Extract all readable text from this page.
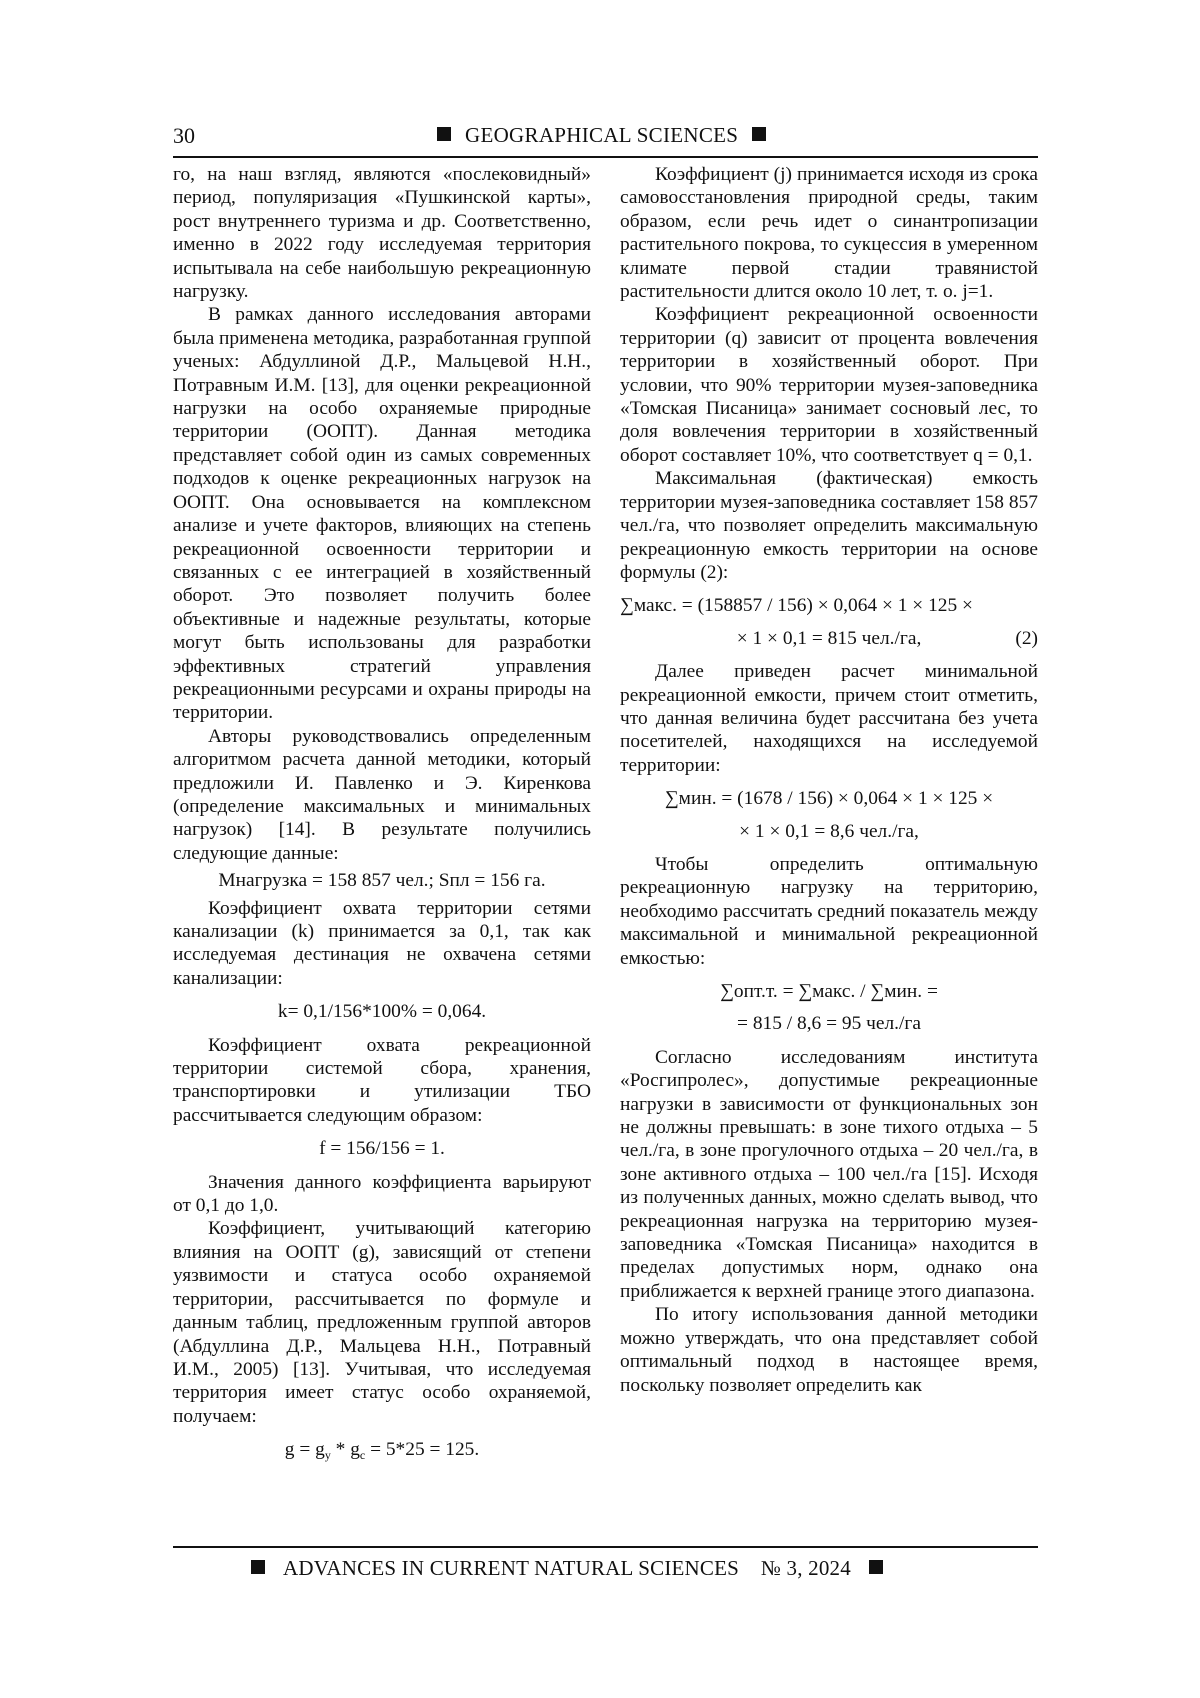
30	GEOGRAPHICAL SCIENCES

го, на наш взгляд, являются «послековидный» период, популяризация «Пушкинской карты», рост внутреннего туризма и др. Соответственно, именно в 2022 году исследуемая территория испытывала на себе наибольшую рекреационную нагрузку.

В рамках данного исследования авторами была применена методика, разработанная группой ученых: Абдуллиной Д.Р., Мальцевой Н.Н., Потравным И.М. [13], для оценки рекреационной нагрузки на особо охраняемые природные территории (ООПТ). Данная методика представляет собой один из самых современных подходов к оценке рекреационных нагрузок на ООПТ. Она основывается на комплексном анализе и учете факторов, влияющих на степень рекреационной освоенности территории и связанных с ее интеграцией в хозяйственный оборот. Это позволяет получить более объективные и надежные результаты, которые могут быть использованы для разработки эффективных стратегий управления рекреационными ресурсами и охраны природы на территории.

Авторы руководствовались определенным алгоритмом расчета данной методики, который предложили И. Павленко и Э. Киренкова (определение максимальных и минимальных нагрузок) [14]. В результате получились следующие данные:

Мнагрузка = 158 857 чел.; Sпл = 156 га.

Коэффициент охвата территории сетями канализации (k) принимается за 0,1, так как исследуемая дестинация не охвачена сетями канализации:

k= 0,1/156*100% = 0,064.

Коэффициент охвата рекреационной территории системой сбора, хранения, транспортировки и утилизации ТБО рассчитывается следующим образом:

f = 156/156 = 1.

Значения данного коэффициента варьируют от 0,1 до 1,0.

Коэффициент, учитывающий категорию влияния на ООПТ (g), зависящий от степени уязвимости и статуса особо охраняемой территории, рассчитывается по формуле и данным таблиц, предложенным группой авторов (Абдуллина Д.Р., Мальцева Н.Н., Потравный И.М., 2005) [13]. Учитывая, что исследуемая территория имеет статус особо охраняемой, получаем:

$g = g_y * g_c = 5*25 = 125$.

Коэффициент (j) принимается исходя из срока самовосстановления природной среды, таким образом, если речь идет о синантропизации растительного покрова, то сукцессия в умеренном климате первой стадии травянистой растительности длится около 10 лет, т. о. j=1.

Коэффициент рекреационной освоенности территории (q) зависит от процента вовлечения территории в хозяйственный оборот. При условии, что 90% территории музея-заповедника «Томская Писаница» занимает сосновый лес, то доля вовлечения территории в хозяйственный оборот составляет 10%, что соответствует q = 0,1.

Максимальная (фактическая) емкость территории музея-заповедника составляет 158 857 чел./га, что позволяет определить максимальную рекреационную емкость территории на основе формулы (2):

∑макс. = (158857 / 156) × 0,064 × 1 × 125 ×
× 1 × 0,1 = 815 чел./га,	(2)

Далее приведен расчет минимальной рекреационной емкости, причем стоит отметить, что данная величина будет рассчитана без учета посетителей, находящихся на исследуемой территории:

∑мин. = (1678 / 156) × 0,064 × 1 × 125 ×
× 1 × 0,1 = 8,6 чел./га,

Чтобы определить оптимальную рекреационную нагрузку на территорию, необходимо рассчитать средний показатель между максимальной и минимальной рекреационной емкостью:

∑опт.т. = ∑макс. / ∑мин. =
= 815 / 8,6 = 95 чел./га

Согласно исследованиям института «Росгипролес», допустимые рекреационные нагрузки в зависимости от функциональных зон не должны превышать: в зоне тихого отдыха – 5 чел./га, в зоне прогулочного отдыха – 20 чел./га, в зоне активного отдыха – 100 чел./га [15]. Исходя из полученных данных, можно сделать вывод, что рекреационная нагрузка на территорию музея-заповедника «Томская Писаница» находится в пределах допустимых норм, однако она приближается к верхней границе этого диапазона.

По итогу использования данной методики можно утверждать, что она представляет собой оптимальный подход в настоящее время, поскольку позволяет определить как

ADVANCES IN CURRENT NATURAL SCIENCES № 3, 2024
